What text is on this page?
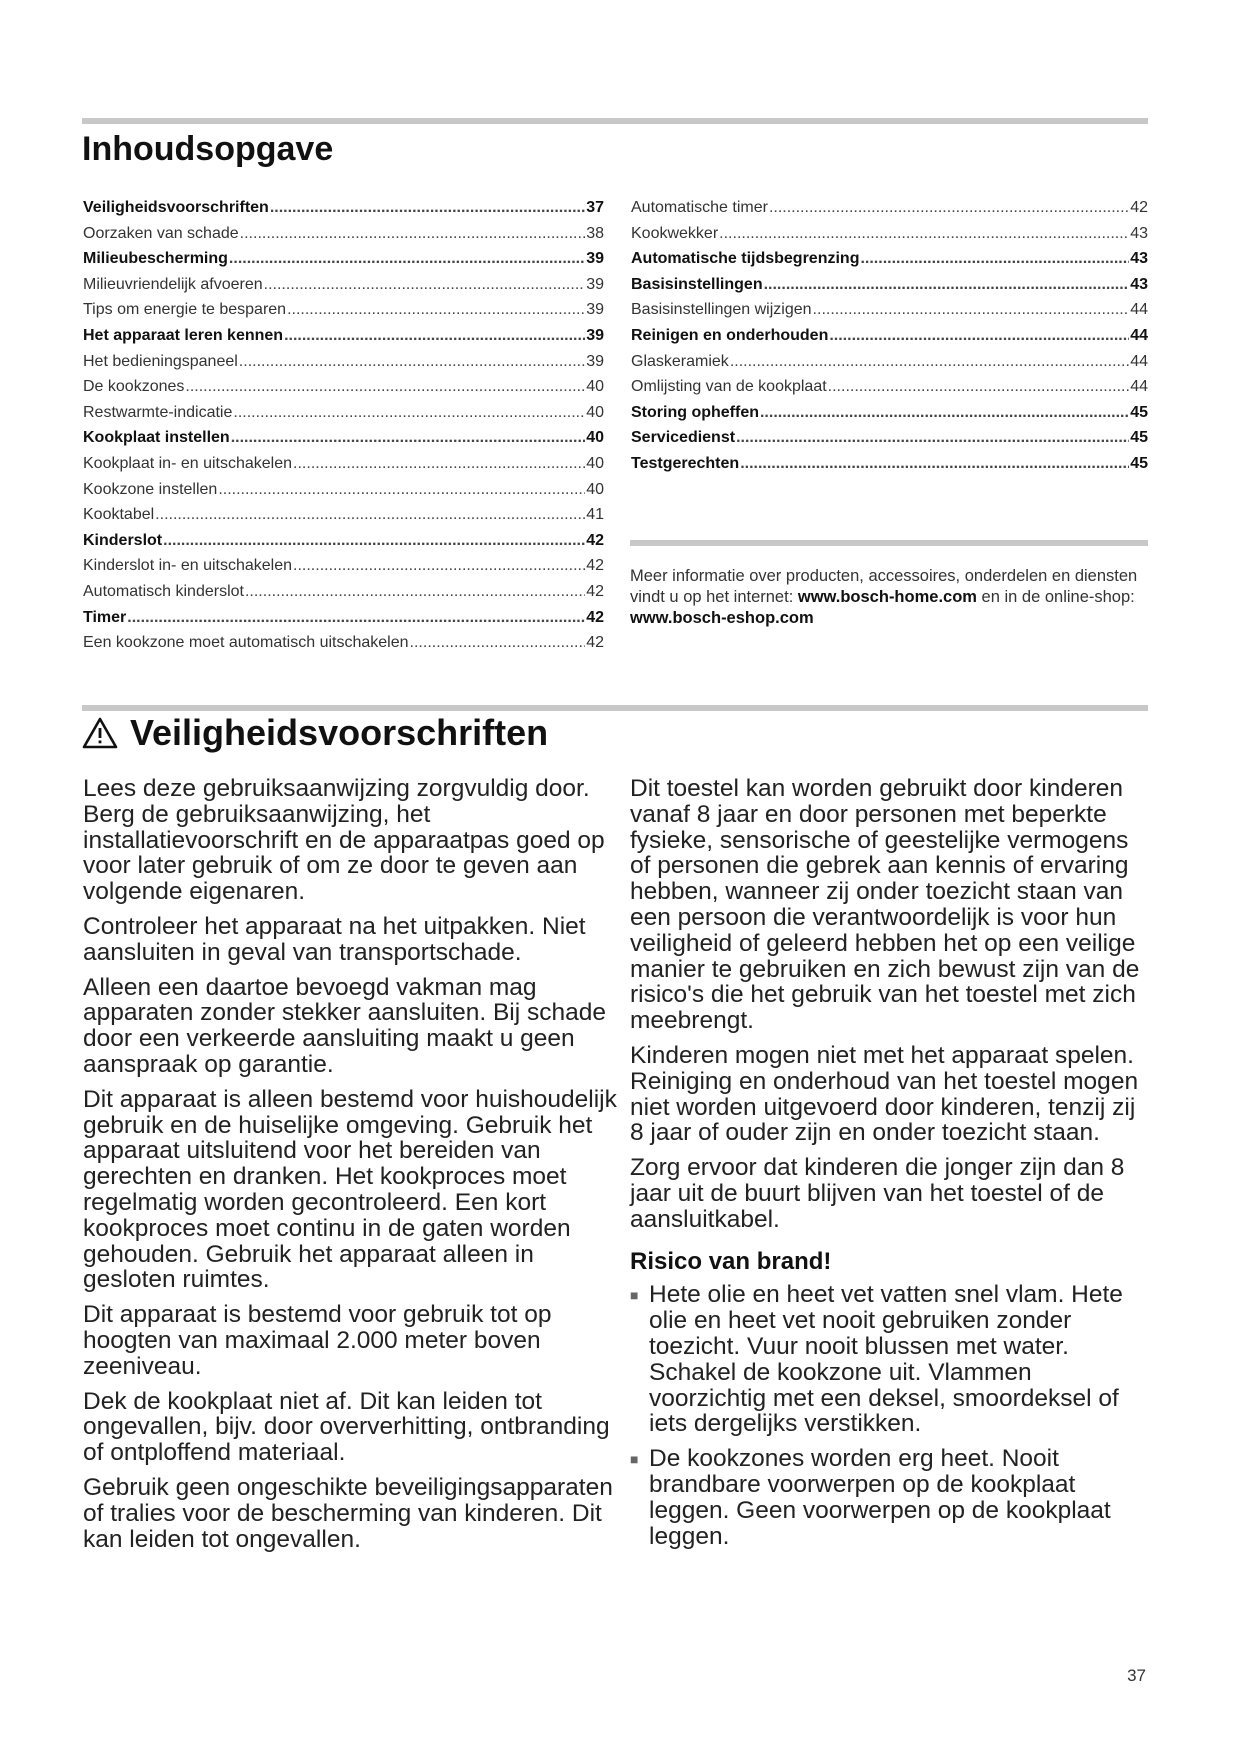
Inhoudsopgave
Veiligheidsvoorschriften .....	37
Oorzaken van schade .....	38
Milieubescherming .....	39
Milieuvriendelijk afvoeren .....	39
Tips om energie te besparen .....	39
Het apparaat leren kennen .....	39
Het bedieningspaneel .....	39
De kookzones .....	40
Restwarmte-indicatie .....	40
Kookplaat instellen .....	40
Kookplaat in- en uitschakelen .....	40
Kookzone instellen .....	40
Kooktabel .....	41
Kinderslot .....	42
Kinderslot in- en uitschakelen .....	42
Automatisch kinderslot .....	42
Timer .....	42
Een kookzone moet automatisch uitschakelen .....	42
Automatische timer .....	42
Kookwekker .....	43
Automatische tijdsbegrenzing .....	43
Basisinstellingen .....	43
Basisinstellingen wijzigen .....	44
Reinigen en onderhouden .....	44
Glaskeramiek .....	44
Omlijsting van de kookplaat .....	44
Storing opheffen .....	45
Servicedienst .....	45
Testgerechten .....	45
Meer informatie over producten, accessoires, onderdelen en diensten vindt u op het internet: www.bosch-home.com en in de online-shop: www.bosch-eshop.com
Veiligheidsvoorschriften

Lees deze gebruiksaanwijzing zorgvuldig door. Berg de gebruiksaanwijzing, het installatievoorschrift en de apparaatpas goed op voor later gebruik of om ze door te geven aan volgende eigenaren.

Controleer het apparaat na het uitpakken. Niet aansluiten in geval van transportschade.

Alleen een daartoe bevoegd vakman mag apparaten zonder stekker aansluiten. Bij schade door een verkeerde aansluiting maakt u geen aanspraak op garantie.

Dit apparaat is alleen bestemd voor huishoudelijk gebruik en de huiselijke omgeving. Gebruik het apparaat uitsluitend voor het bereiden van gerechten en dranken. Het kookproces moet regelmatig worden gecontroleerd. Een kort kookproces moet continu in de gaten worden gehouden. Gebruik het apparaat alleen in gesloten ruimtes.

Dit apparaat is bestemd voor gebruik tot op hoogten van maximaal 2.000 meter boven zeeniveau.

Dek de kookplaat niet af. Dit kan leiden tot ongevallen, bijv. door oververhitting, ontbranding of ontploffend materiaal.

Gebruik geen ongeschikte beveiligingsapparaten of tralies voor de bescherming van kinderen. Dit kan leiden tot ongevallen.

Dit toestel kan worden gebruikt door kinderen vanaf 8 jaar en door personen met beperkte fysieke, sensorische of geestelijke vermogens of personen die gebrek aan kennis of ervaring hebben, wanneer zij onder toezicht staan van een persoon die verantwoordelijk is voor hun veiligheid of geleerd hebben het op een veilige manier te gebruiken en zich bewust zijn van de risico's die het gebruik van het toestel met zich meebrengt.

Kinderen mogen niet met het apparaat spelen. Reiniging en onderhoud van het toestel mogen niet worden uitgevoerd door kinderen, tenzij zij 8 jaar of ouder zijn en onder toezicht staan.

Zorg ervoor dat kinderen die jonger zijn dan 8 jaar uit de buurt blijven van het toestel of de aansluitkabel.

Risico van brand!
■ Hete olie en heet vet vatten snel vlam. Hete olie en heet vet nooit gebruiken zonder toezicht. Vuur nooit blussen met water. Schakel de kookzone uit. Vlammen voorzichtig met een deksel, smoordeksel of iets dergelijks verstikken.
■ De kookzones worden erg heet. Nooit brandbare voorwerpen op de kookplaat leggen. Geen voorwerpen op de kookplaat leggen.
37
